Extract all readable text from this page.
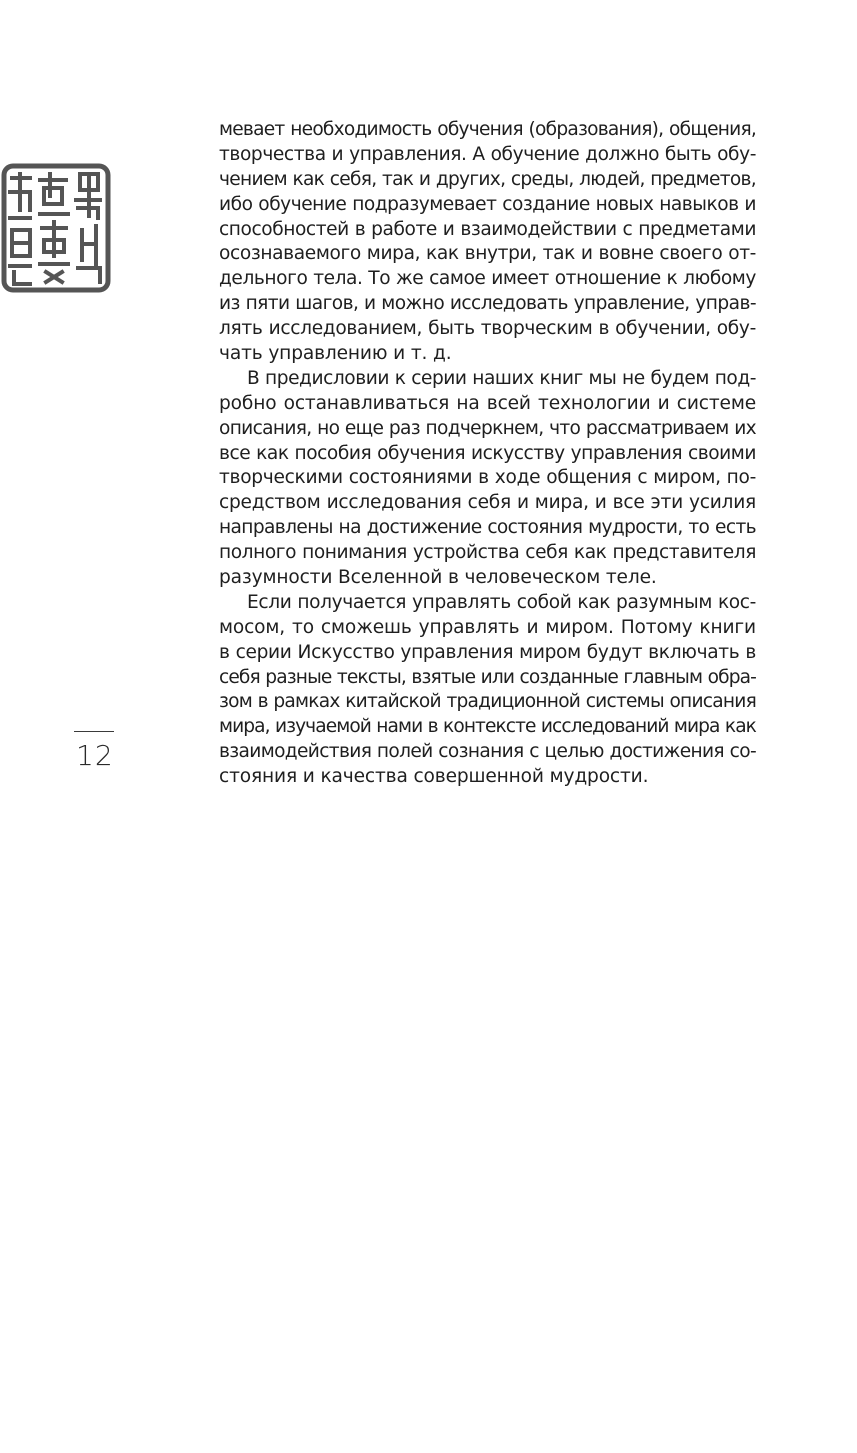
12
мевает необходимость обучения (образования), общения,
творчества и управления. А обучение должно быть обу-
чением как себя, так и других, среды, людей, предметов,
ибо обучение подразумевает создание новых навыков и
способностей в работе и взаимодействии с предметами
осознаваемого мира, как внутри, так и вовне своего от-
дельного тела. То же самое имеет отношение к любому
из пяти шагов, и можно исследовать управление, управ-
лять исследованием, быть творческим в обучении, обу-
чать управлению и т. д.
В предисловии к серии наших книг мы не будем под-
робно останавливаться на всей технологии и системе
описания, но еще раз подчеркнем, что рассматриваем их
все как пособия обучения искусству управления своими
творческими состояниями в ходе общения с миром, по-
средством исследования себя и мира, и все эти усилия
направлены на достижение состояния мудрости, то есть
полного понимания устройства себя как представителя
разумности Вселенной в человеческом теле.
Если получается управлять собой как разумным кос-
мосом, то сможешь управлять и миром. Потому книги
в серии Искусство управления миром будут включать в
себя разные тексты, взятые или созданные главным обра-
зом в рамках китайской традиционной системы описания
мира, изучаемой нами в контексте исследований мира как
взаимодействия полей сознания с целью достижения со-
стояния и качества совершенной мудрости.
